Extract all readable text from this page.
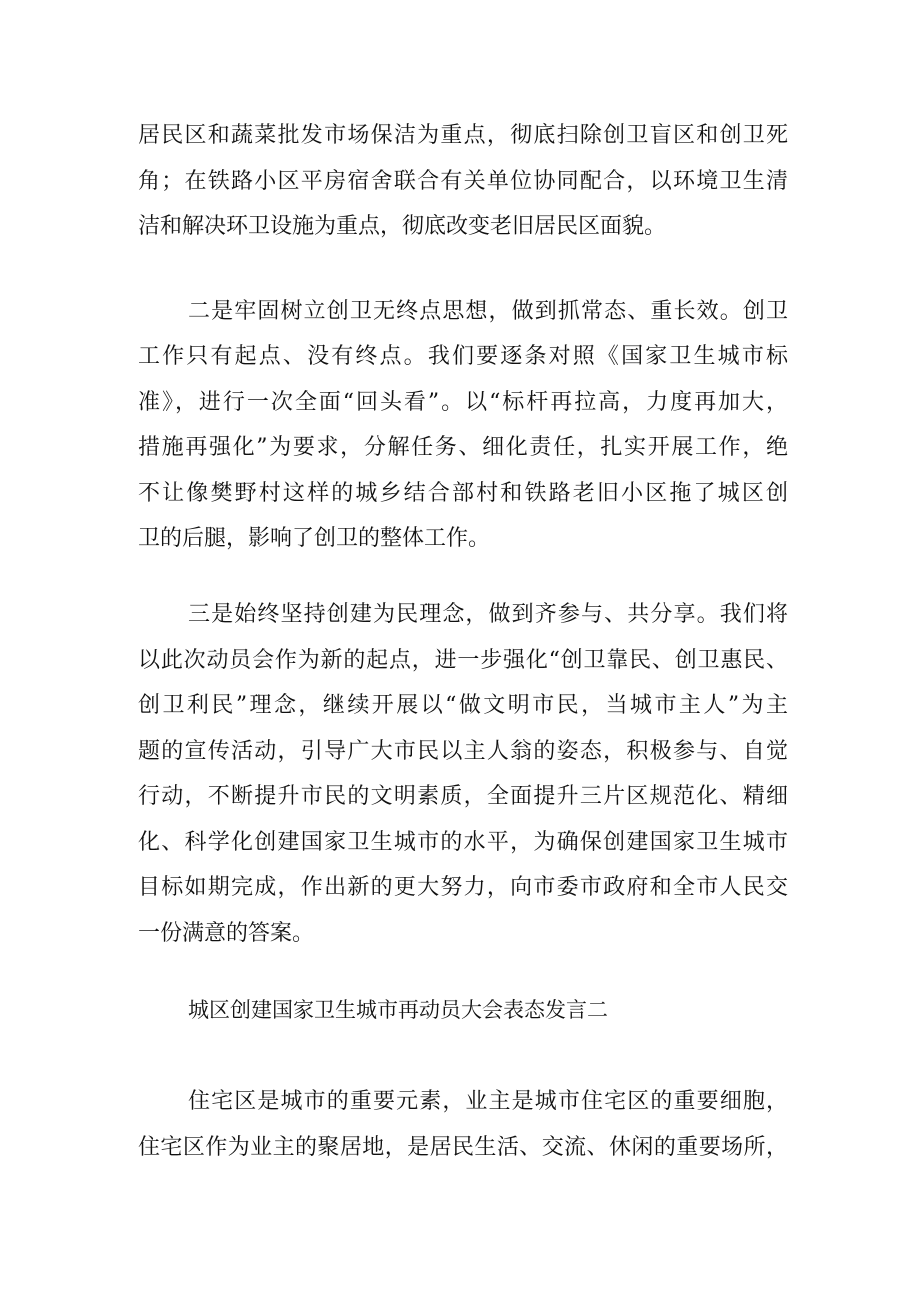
居民区和蔬菜批发市场保洁为重点，彻底扫除创卫盲区和创卫死
角；在铁路小区平房宿舍联合有关单位协同配合，以环境卫生清
洁和解决环卫设施为重点，彻底改变老旧居民区面貌。
二是牢固树立创卫无终点思想，做到抓常态、重长效。创卫
工作只有起点、没有终点。我们要逐条对照《国家卫生城市标
准》，进行一次全面“回头看”。以“标杆再拉高，力度再加大，
措施再强化”为要求，分解任务、细化责任，扎实开展工作，绝
不让像樊野村这样的城乡结合部村和铁路老旧小区拖了城区创
卫的后腿，影响了创卫的整体工作。
三是始终坚持创建为民理念，做到齐参与、共分享。我们将
以此次动员会作为新的起点，进一步强化“创卫靠民、创卫惠民、
创卫利民”理念，继续开展以“做文明市民，当城市主人”为主
题的宣传活动，引导广大市民以主人翁的姿态，积极参与、自觉
行动，不断提升市民的文明素质，全面提升三片区规范化、精细
化、科学化创建国家卫生城市的水平，为确保创建国家卫生城市
目标如期完成，作出新的更大努力，向市委市政府和全市人民交
一份满意的答案。
城区创建国家卫生城市再动员大会表态发言二
住宅区是城市的重要元素，业主是城市住宅区的重要细胞，
住宅区作为业主的聚居地，是居民生活、交流、休闲的重要场所，
